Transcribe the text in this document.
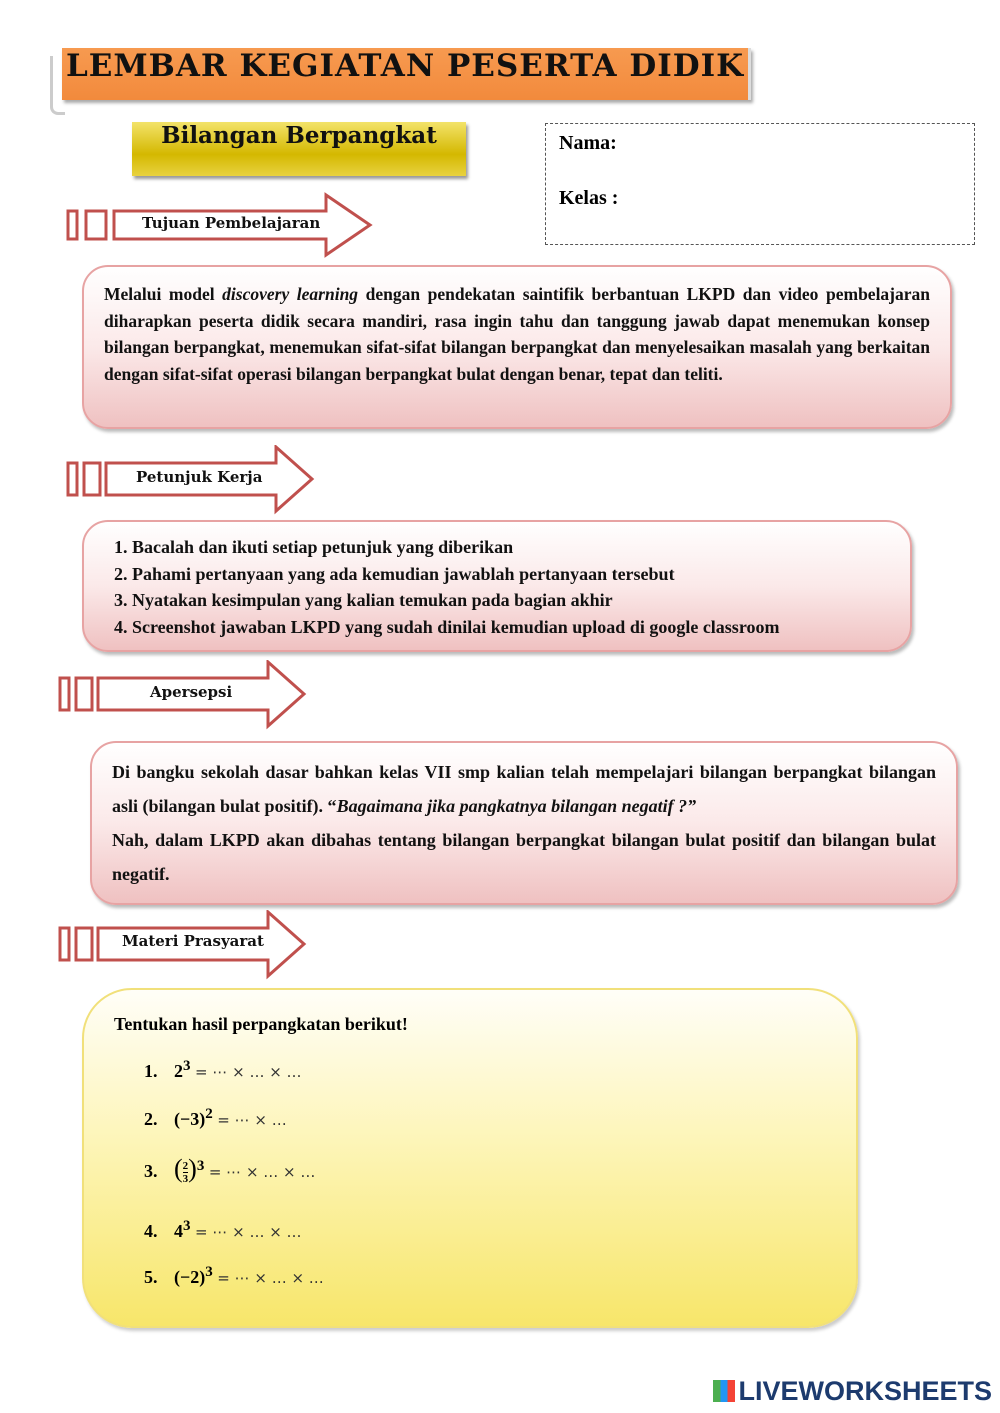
LEMBAR KEGIATAN PESERTA DIDIK
Bilangan Berpangkat	Nama:
Kelas :
Tujuan Pembelajaran
Petunjuk Kerja
Apersepsi
Materi Prasyarat
Melalui model discovery learning dengan pendekatan saintifik berbantuan LKPD dan video pembelajaran diharapkan peserta didik secara mandiri, rasa ingin tahu dan tanggung jawab dapat menemukan konsep bilangan berpangkat, menemukan sifat-sifat bilangan berpangkat dan menyelesaikan masalah yang berkaitan dengan sifat-sifat operasi bilangan berpangkat bulat dengan benar, tepat dan teliti.
1. Bacalah dan ikuti setiap petunjuk yang diberikan
2. Pahami pertanyaan yang ada kemudian jawablah pertanyaan tersebut
3. Nyatakan kesimpulan yang kalian temukan pada bagian akhir
4. Screenshot jawaban LKPD yang sudah dinilai kemudian upload di google classroom
Di bangku sekolah dasar bahkan kelas VII smp kalian telah mempelajari bilangan berpangkat bilangan asli (bilangan bulat positif). “Bagaimana jika pangkatnya bilangan negatif ?”
Nah, dalam LKPD akan dibahas tentang bilangan berpangkat bilangan bulat positif dan bilangan bulat negatif.
Tentukan hasil perpangkatan berikut!
1. $2^3$ = ⋯ × … × …
2. $(-3)^2$ = ⋯ × …
3. ( $\frac{2}{3} )^3$ = ⋯ × … × …
4. $4^3$ = ⋯ × … × …
5. $(-2)^3$ = ⋯ × … × …
LIVEWORKSHEETS
